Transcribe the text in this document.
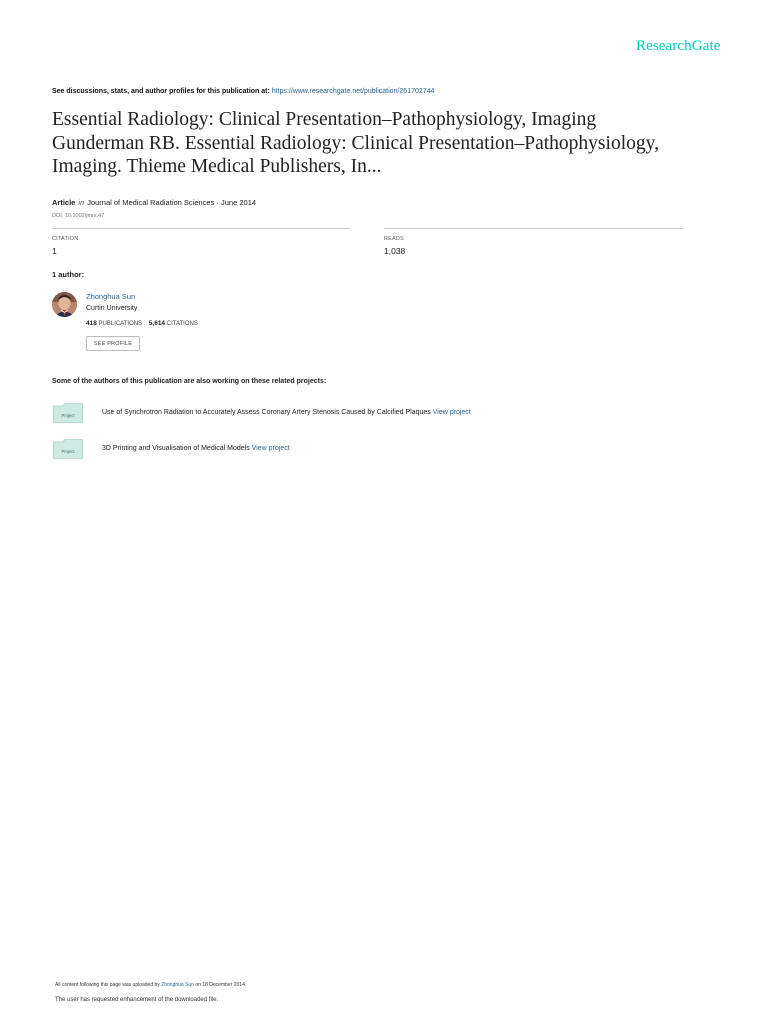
ResearchGate
See discussions, stats, and author profiles for this publication at: https://www.researchgate.net/publication/261702744
Essential Radiology: Clinical Presentation–Pathophysiology, Imaging
Gunderman RB. Essential Radiology: Clinical Presentation–Pathophysiology,
Imaging. Thieme Medical Publishers, In...
Article in Journal of Medical Radiation Sciences · June 2014
DOI: 10.1002/jmrs.47
CITATION
1
READS
1,038
1 author:
Zhonghua Sun
Curtin University
418 PUBLICATIONS 5,614 CITATIONS
SEE PROFILE
Some of the authors of this publication are also working on these related projects:
Project	Use of Synchrotron Radiation to Accurately Assess Coronary Artery Stenosis Caused by Calcified Plaques View project
Project	3D Printing and Visualisation of Medical Models View project
All content following this page was uploaded by Zhonghua Sun on 18 December 2014.
The user has requested enhancement of the downloaded file.
